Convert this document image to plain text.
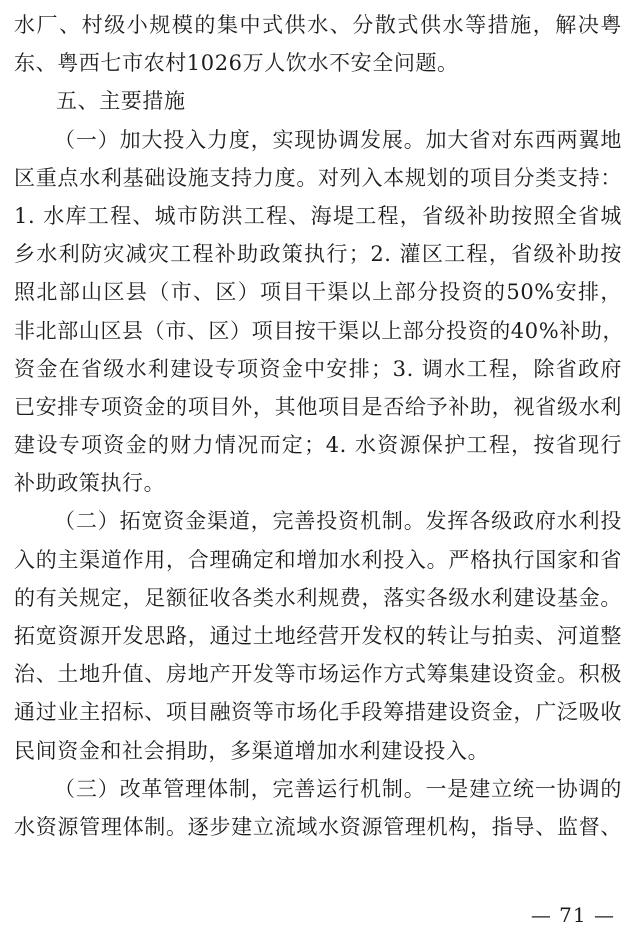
水厂、村级小规模的集中式供水、分散式供水等措施，解决粤
东、粤西七市农村1026万人饮水不安全问题。
五、主要措施
（一）加大投入力度，实现协调发展。加大省对东西两翼地
区重点水利基础设施支持力度。对列入本规划的项目分类支持：
1. 水库工程、城市防洪工程、海堤工程，省级补助按照全省城
乡水利防灾减灾工程补助政策执行；2. 灌区工程，省级补助按
照北部山区县（市、区）项目干渠以上部分投资的50%安排，
非北部山区县（市、区）项目按干渠以上部分投资的40%补助，
资金在省级水利建设专项资金中安排；3. 调水工程，除省政府
已安排专项资金的项目外，其他项目是否给予补助，视省级水利
建设专项资金的财力情况而定；4. 水资源保护工程，按省现行
补助政策执行。
（二）拓宽资金渠道，完善投资机制。发挥各级政府水利投
入的主渠道作用，合理确定和增加水利投入。严格执行国家和省
的有关规定，足额征收各类水利规费，落实各级水利建设基金。
拓宽资源开发思路，通过土地经营开发权的转让与拍卖、河道整
治、土地升值、房地产开发等市场运作方式筹集建设资金。积极
通过业主招标、项目融资等市场化手段筹措建设资金，广泛吸收
民间资金和社会捐助，多渠道增加水利建设投入。
（三）改革管理体制，完善运行机制。一是建立统一协调的
水资源管理体制。逐步建立流域水资源管理机构，指导、监督、
— 71 —
